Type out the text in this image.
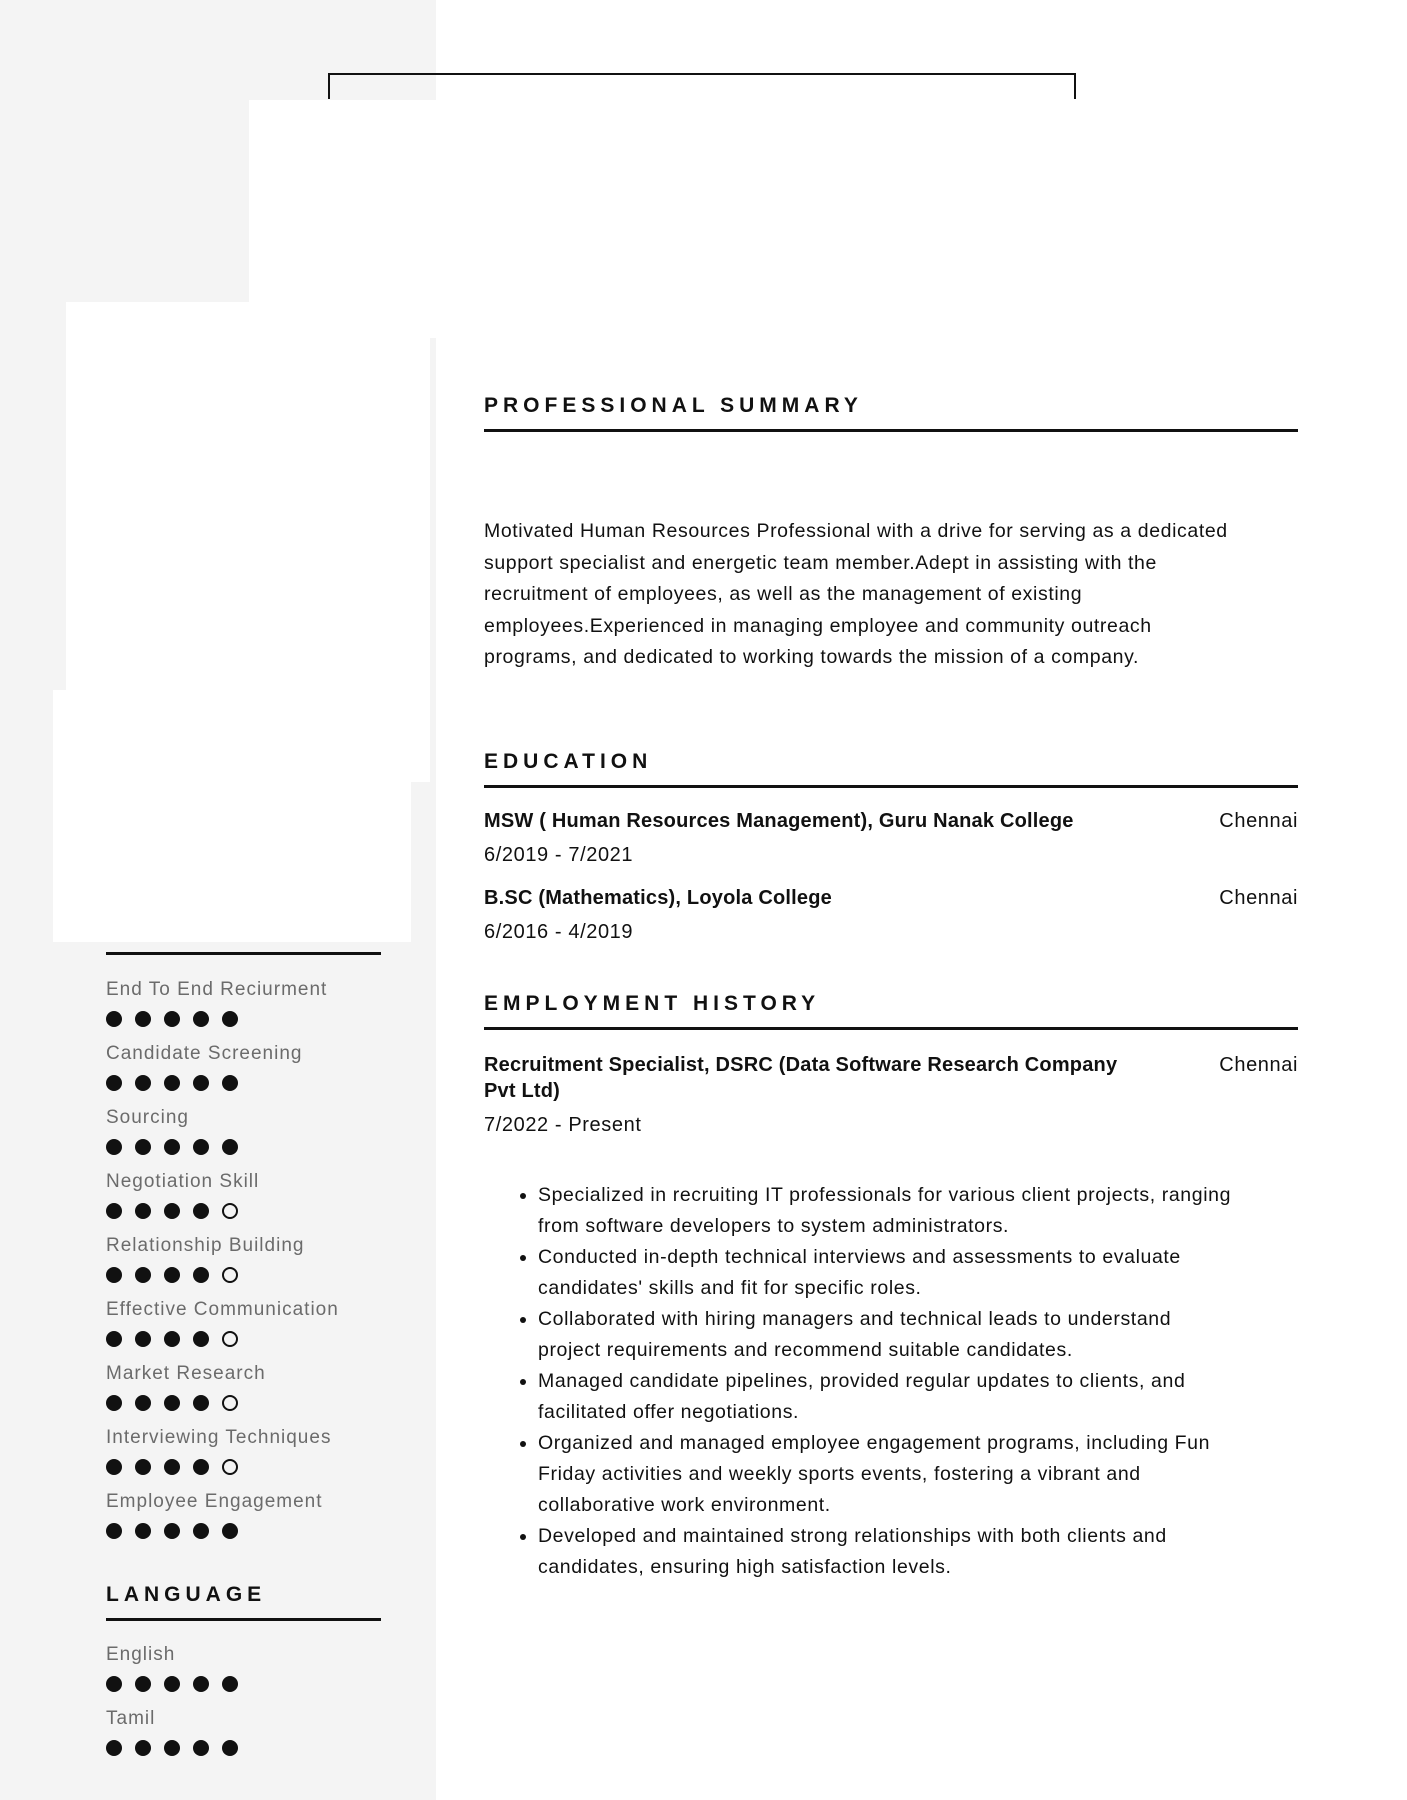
End To End Reciurment
Candidate Screening
Sourcing
Negotiation Skill
Relationship Building
Effective Communication
Market Research
Interviewing Techniques
Employee Engagement
LANGUAGE
English
Tamil
PROFESSIONAL SUMMARY
Motivated Human Resources Professional with a drive for serving as a dedicated
support specialist and energetic team member.Adept in assisting with the
recruitment of employees, as well as the management of existing
employees.Experienced in managing employee and community outreach
programs, and dedicated to working towards the mission of a company.
EDUCATION
MSW ( Human Resources Management), Guru Nanak College	Chennai
6/2019 - 7/2021
B.SC (Mathematics), Loyola College	Chennai
6/2016 - 4/2019
EMPLOYMENT HISTORY
Recruitment Specialist, DSRC (Data Software Research Company
Pvt Ltd)
Chennai
7/2022 - Present
• Specialized in recruiting IT professionals for various client projects, ranging
from software developers to system administrators.
• Conducted in-depth technical interviews and assessments to evaluate
candidates' skills and fit for specific roles.
• Collaborated with hiring managers and technical leads to understand
project requirements and recommend suitable candidates.
• Managed candidate pipelines, provided regular updates to clients, and
facilitated offer negotiations.
• Organized and managed employee engagement programs, including Fun
Friday activities and weekly sports events, fostering a vibrant and
collaborative work environment.
• Developed and maintained strong relationships with both clients and
candidates, ensuring high satisfaction levels.
